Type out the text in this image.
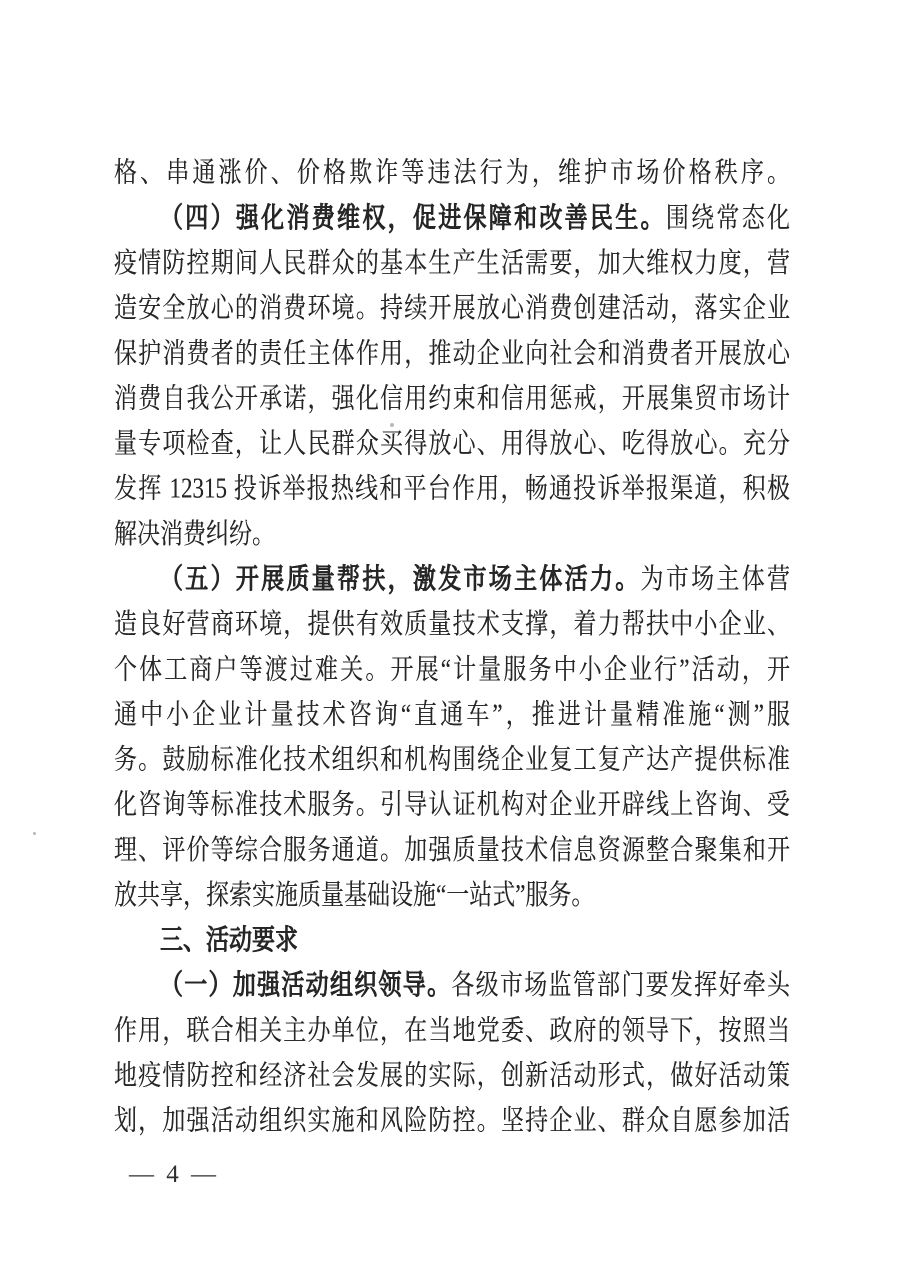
格、串通涨价、价格欺诈等违法行为，维护市场价格秩序。
（四）强化消费维权，促进保障和改善民生。围绕常态化
疫情防控期间人民群众的基本生产生活需要，加大维权力度，营
造安全放心的消费环境。持续开展放心消费创建活动，落实企业
保护消费者的责任主体作用，推动企业向社会和消费者开展放心
消费自我公开承诺，强化信用约束和信用惩戒，开展集贸市场计
量专项检查，让人民群众买得放心、用得放心、吃得放心。充分
发挥 12315 投诉举报热线和平台作用，畅通投诉举报渠道，积极
解决消费纠纷。
（五）开展质量帮扶，激发市场主体活力。为市场主体营
造良好营商环境，提供有效质量技术支撑，着力帮扶中小企业、
个体工商户等渡过难关。开展“计量服务中小企业行”活动，开
通中小企业计量技术咨询“直通车”，推进计量精准施“测”服
务。鼓励标准化技术组织和机构围绕企业复工复产达产提供标准
化咨询等标准技术服务。引导认证机构对企业开辟线上咨询、受
理、评价等综合服务通道。加强质量技术信息资源整合聚集和开
放共享，探索实施质量基础设施“一站式”服务。
三、活动要求
（一）加强活动组织领导。各级市场监管部门要发挥好牵头
作用，联合相关主办单位，在当地党委、政府的领导下，按照当
地疫情防控和经济社会发展的实际，创新活动形式，做好活动策
划，加强活动组织实施和风险防控。坚持企业、群众自愿参加活
— 4 —
